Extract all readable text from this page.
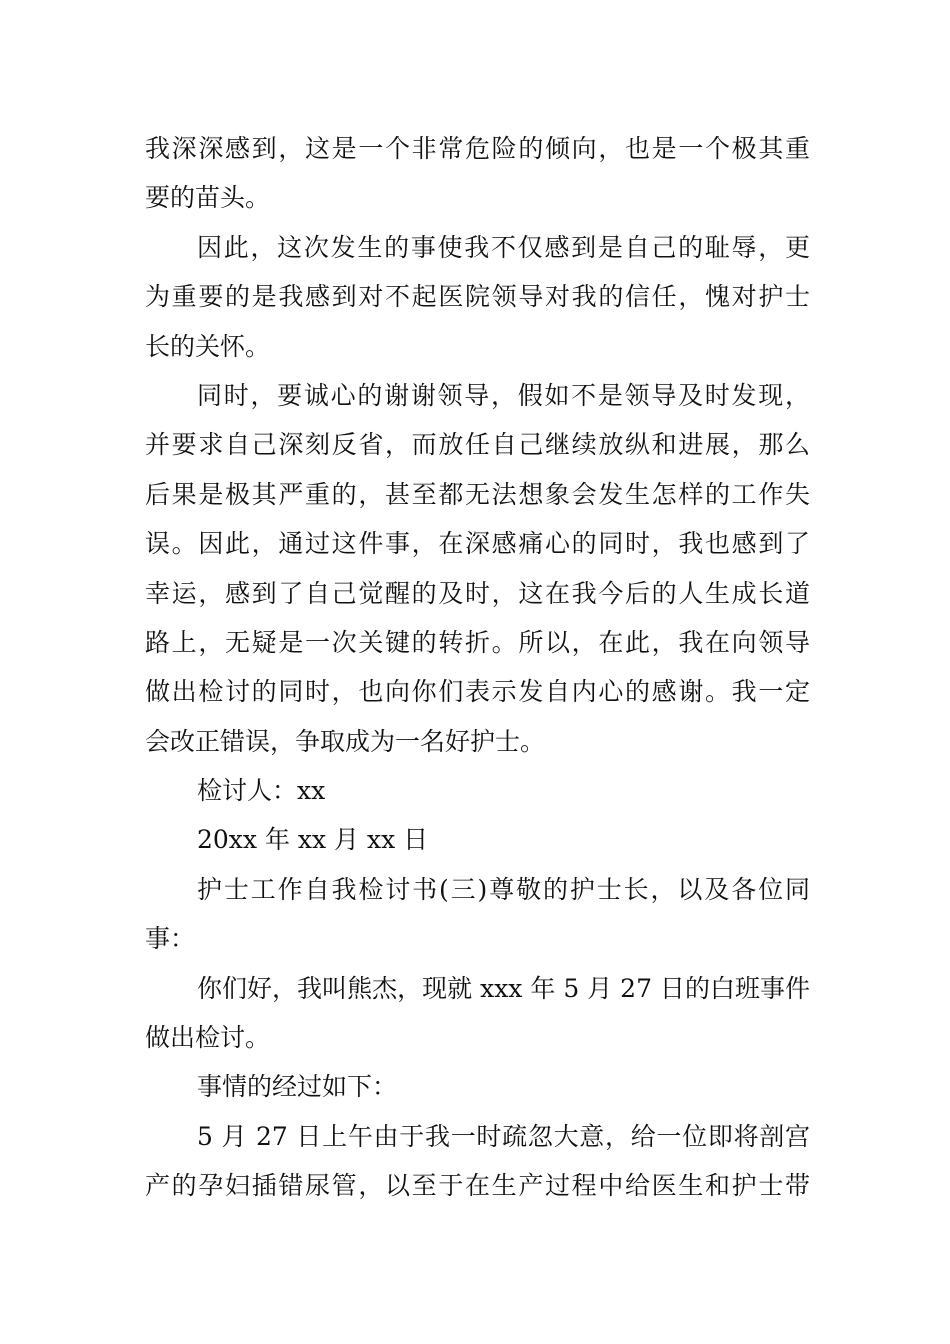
我深深感到，这是一个非常危险的倾向，也是一个极其重
要的苗头。
因此，这次发生的事使我不仅感到是自己的耻辱，更
为重要的是我感到对不起医院领导对我的信任，愧对护士
长的关怀。
同时，要诚心的谢谢领导，假如不是领导及时发现，
并要求自己深刻反省，而放任自己继续放纵和进展，那么
后果是极其严重的，甚至都无法想象会发生怎样的工作失
误。因此，通过这件事，在深感痛心的同时，我也感到了
幸运，感到了自己觉醒的及时，这在我今后的人生成长道
路上，无疑是一次关键的转折。所以，在此，我在向领导
做出检讨的同时，也向你们表示发自内心的感谢。我一定
会改正错误，争取成为一名好护士。
检讨人：xx
20xx 年 xx 月 xx 日
护士工作自我检讨书(三)尊敬的护士长，以及各位同
事：
你们好，我叫熊杰，现就 xxx 年 5 月 27 日的白班事件
做出检讨。
事情的经过如下：
5 月 27 日上午由于我一时疏忽大意，给一位即将剖宫
产的孕妇插错尿管，以至于在生产过程中给医生和护士带
